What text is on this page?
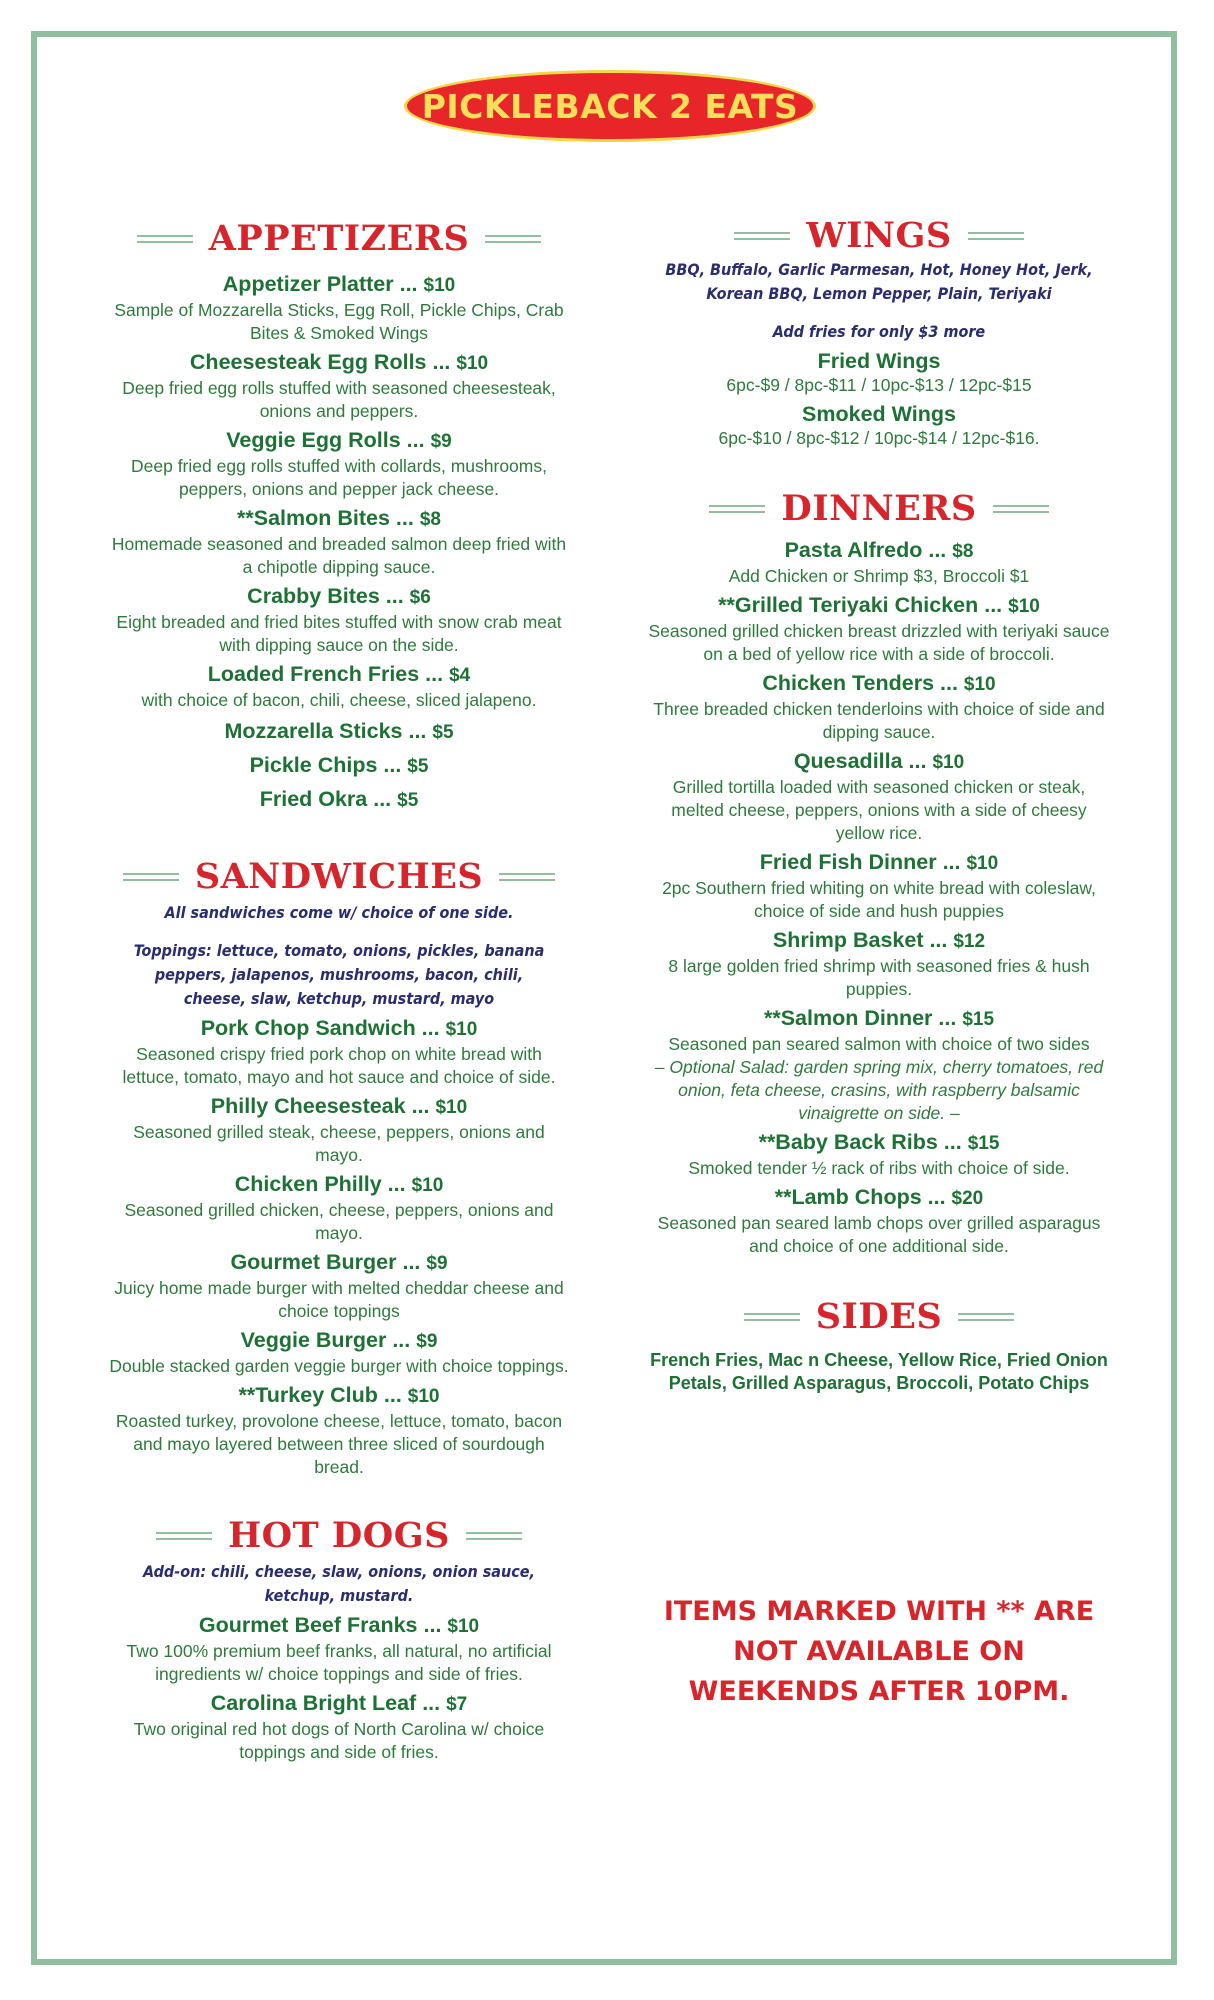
PICKLEBACK 2 EATS
APPETIZERS
Appetizer Platter ... $10
Sample of Mozzarella Sticks, Egg Roll, Pickle Chips, Crab Bites & Smoked Wings
Cheesesteak Egg Rolls ... $10
Deep fried egg rolls stuffed with seasoned cheesesteak, onions and peppers.
Veggie Egg Rolls ... $9
Deep fried egg rolls stuffed with collards, mushrooms, peppers, onions and pepper jack cheese.
**Salmon Bites ... $8
Homemade seasoned and breaded salmon deep fried with a chipotle dipping sauce.
Crabby Bites ... $6
Eight breaded and fried bites stuffed with snow crab meat with dipping sauce on the side.
Loaded French Fries ... $4
with choice of bacon, chili, cheese, sliced jalapeno.
Mozzarella Sticks ... $5
Pickle Chips ... $5
Fried Okra ... $5
SANDWICHES
All sandwiches come w/ choice of one side.
Toppings: lettuce, tomato, onions, pickles, banana peppers, jalapenos, mushrooms, bacon, chili, cheese, slaw, ketchup, mustard, mayo
Pork Chop Sandwich ... $10
Seasoned crispy fried pork chop on white bread with lettuce, tomato, mayo and hot sauce and choice of side.
Philly Cheesesteak ... $10
Seasoned grilled steak, cheese, peppers, onions and mayo.
Chicken Philly ... $10
Seasoned grilled chicken, cheese, peppers, onions and mayo.
Gourmet Burger ... $9
Juicy home made burger with melted cheddar cheese and choice toppings
Veggie Burger ... $9
Double stacked garden veggie burger with choice toppings.
**Turkey Club ... $10
Roasted turkey, provolone cheese, lettuce, tomato, bacon and mayo layered between three sliced of sourdough bread.
HOT DOGS
Add-on: chili, cheese, slaw, onions, onion sauce, ketchup, mustard.
Gourmet Beef Franks ... $10
Two 100% premium beef franks, all natural, no artificial ingredients w/ choice toppings and side of fries.
Carolina Bright Leaf ... $7
Two original red hot dogs of North Carolina w/ choice toppings and side of fries.
WINGS
BBQ, Buffalo, Garlic Parmesan, Hot, Honey Hot, Jerk, Korean BBQ, Lemon Pepper, Plain, Teriyaki
Add fries for only $3 more
Fried Wings
6pc-$9 / 8pc-$11 / 10pc-$13 / 12pc-$15
Smoked Wings
6pc-$10 / 8pc-$12 / 10pc-$14 / 12pc-$16.
DINNERS
Pasta Alfredo ... $8
Add Chicken or Shrimp $3, Broccoli $1
**Grilled Teriyaki Chicken ... $10
Seasoned grilled chicken breast drizzled with teriyaki sauce on a bed of yellow rice with a side of broccoli.
Chicken Tenders ... $10
Three breaded chicken tenderloins with choice of side and dipping sauce.
Quesadilla ... $10
Grilled tortilla loaded with seasoned chicken or steak, melted cheese, peppers, onions with a side of cheesy yellow rice.
Fried Fish Dinner ... $10
2pc Southern fried whiting on white bread with coleslaw, choice of side and hush puppies
Shrimp Basket ... $12
8 large golden fried shrimp with seasoned fries & hush puppies.
**Salmon Dinner ... $15
Seasoned pan seared salmon with choice of two sides
– Optional Salad: garden spring mix, cherry tomatoes, red onion, feta cheese, crasins, with raspberry balsamic vinaigrette on side. –
**Baby Back Ribs ... $15
Smoked tender ½ rack of ribs with choice of side.
**Lamb Chops ... $20
Seasoned pan seared lamb chops over grilled asparagus and choice of one additional side.
SIDES
French Fries, Mac n Cheese, Yellow Rice, Fried Onion Petals, Grilled Asparagus, Broccoli, Potato Chips
ITEMS MARKED WITH ** ARE NOT AVAILABLE ON WEEKENDS AFTER 10PM.
